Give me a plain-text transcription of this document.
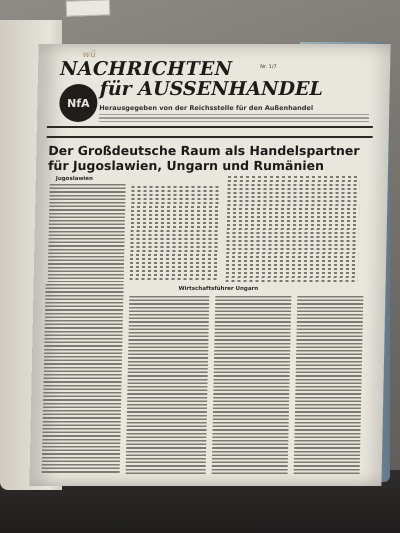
wü
NACHRICHTEN
NfA
für AUSSENHANDEL
Herausgegeben von der Reichsstelle für den Außenhandel
Nr. 1/7
Der Großdeutsche Raum als Handelspartner
für Jugoslawien, Ungarn und Rumänien
Jugoslawien
Wirtschaftsführer Ungarn
